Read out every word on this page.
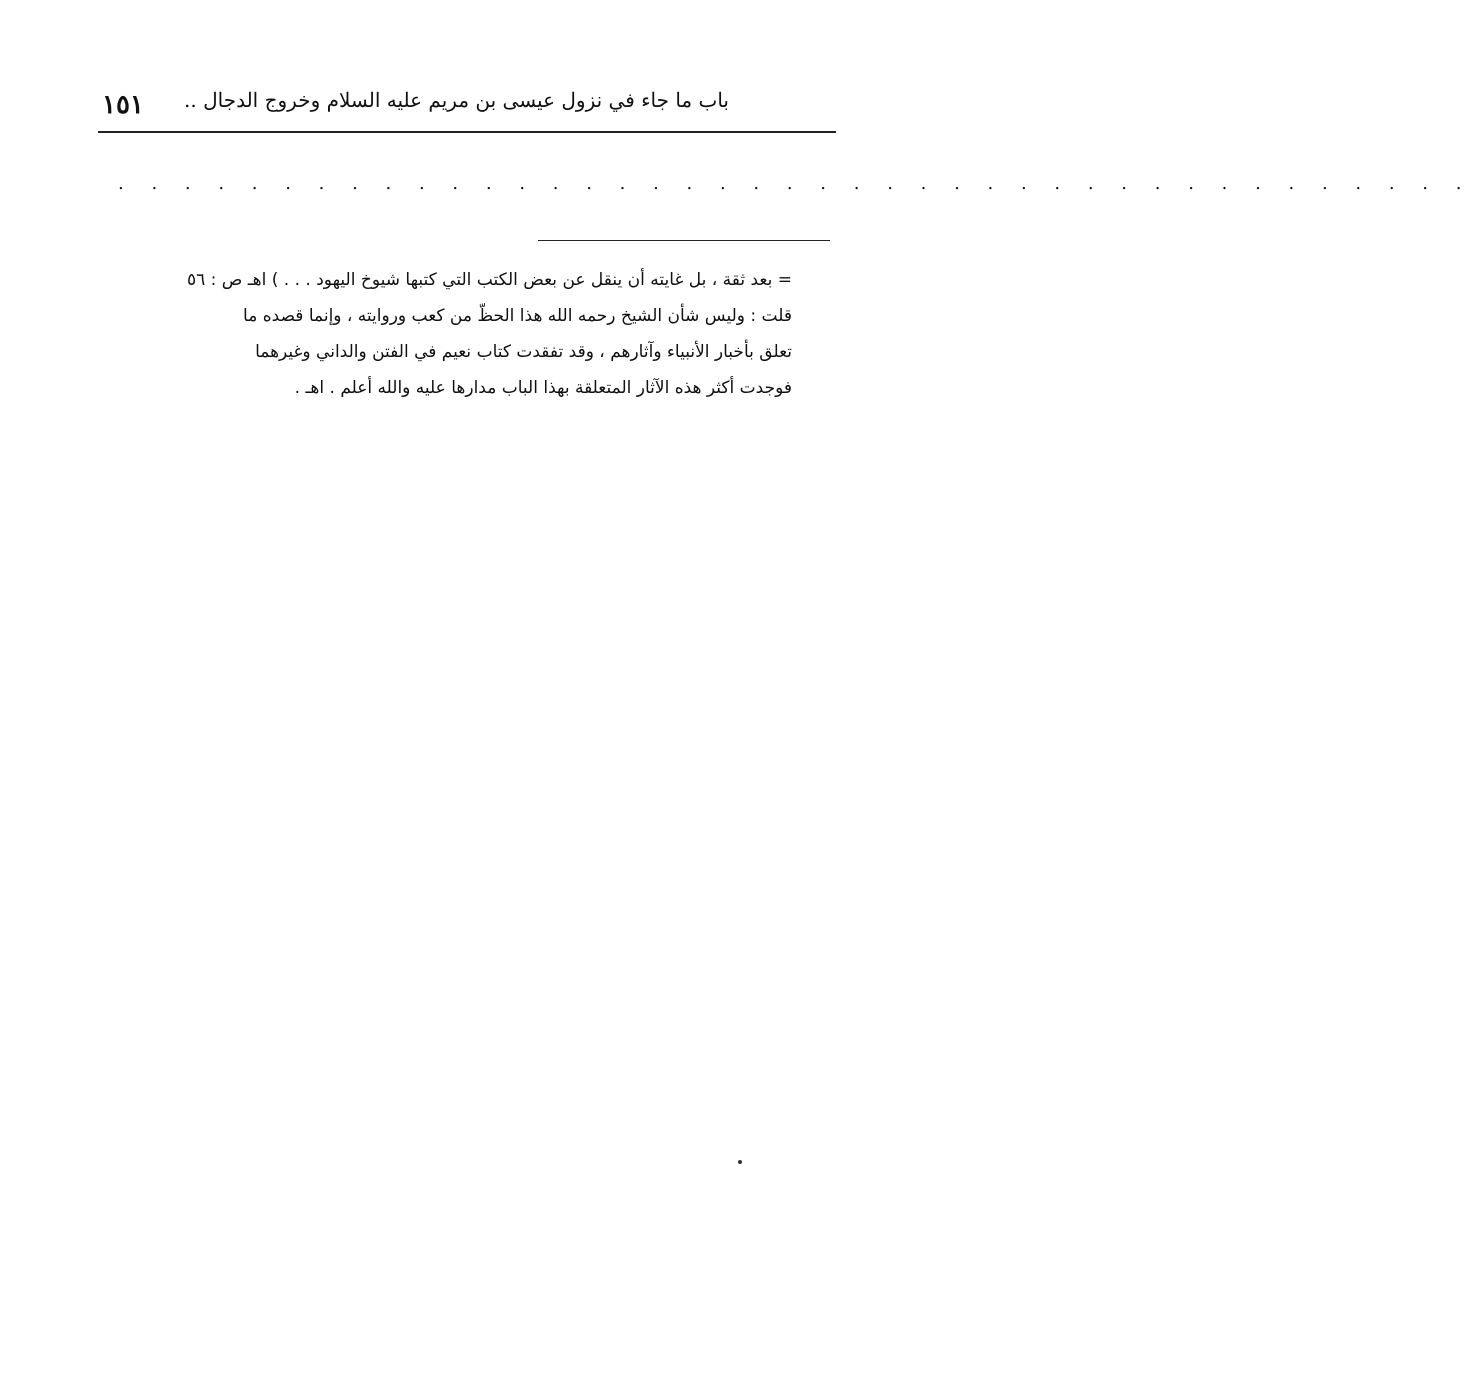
١٥١	باب ما جاء في نزول عيسى بن مريم عليه السلام وخروج الدجال ..
. . . . . . . . . . . . . . . . . . . . . . . . . . . . . . . . . . . . . . . . .
= بعد ثقة ، بل غايته أن ينقل عن بعض الكتب التي كتبها شيوخ اليهود . . . ) اهـ ص : ٥٦
قلت : وليس شأن الشيخ رحمه الله هذا الحظّ من كعب وروايته ، وإنما قصده ما
تعلق بأخبار الأنبياء وآثارهم ، وقد تفقدت كتاب نعيم في الفتن والداني وغيرهما
فوجدت أكثر هذه الآثار المتعلقة بهذا الباب مدارها عليه والله أعلم . اهـ .
